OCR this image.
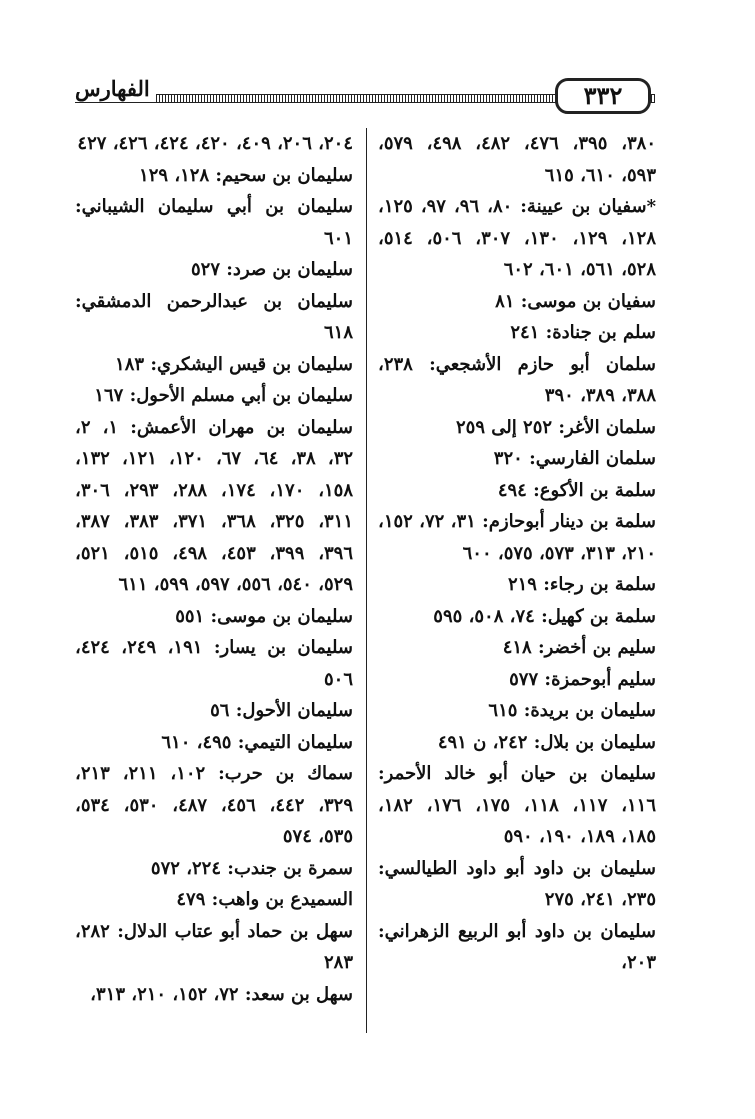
الفهارس	٣٣٢

٣٨٠، ٣٩٥، ٤٧٦، ٤٨٢، ٤٩٨، ٥٧٩، ٥٩٣، ٦١٠، ٦١٥

*سفيان بن عيينة: ٨٠، ٩٦، ٩٧، ١٢٥، ١٢٨، ١٢٩، ١٣٠، ٣٠٧، ٥٠٦، ٥١٤، ٥٢٨، ٥٦١، ٦٠١، ٦٠٢

سفيان بن موسى: ٨١

سلم بن جنادة: ٢٤١

سلمان أبو حازم الأشجعي: ٢٣٨، ٣٨٨، ٣٨٩، ٣٩٠

سلمان الأغر: ٢٥٢ إلى ٢٥٩

سلمان الفارسي: ٣٢٠

سلمة بن الأكوع: ٤٩٤

سلمة بن دينار أبوحازم: ٣١، ٧٢، ١٥٢، ٢١٠، ٣١٣، ٥٧٣، ٥٧٥، ٦٠٠

سلمة بن رجاء: ٢١٩

سلمة بن كهيل: ٧٤، ٥٠٨، ٥٩٥

سليم بن أخضر: ٤١٨

سليم أبوحمزة: ٥٧٧

سليمان بن بريدة: ٦١٥

سليمان بن بلال: ٢٤٢، ن ٤٩١

سليمان بن حيان أبو خالد الأحمر: ١١٦، ١١٧، ١١٨، ١٧٥، ١٧٦، ١٨٢، ١٨٥، ١٨٩، ١٩٠، ٥٩٠

سليمان بن داود أبو داود الطيالسي: ٢٣٥، ٢٤١، ٢٧٥

سليمان بن داود أبو الربيع الزهراني: ٢٠٣،

٢٠٤، ٢٠٦، ٤٠٩، ٤٢٠، ٤٢٤، ٤٢٦، ٤٢٧

سليمان بن سحيم: ١٢٨، ١٢٩

سليمان بن أبي سليمان الشيباني: ٦٠١

سليمان بن صرد: ٥٢٧

سليمان بن عبدالرحمن الدمشقي: ٦١٨

سليمان بن قيس اليشكري: ١٨٣

سليمان بن أبي مسلم الأحول: ١٦٧

سليمان بن مهران الأعمش: ١، ٢، ٣٢، ٣٨، ٦٤، ٦٧، ١٢٠، ١٢١، ١٣٢، ١٥٨، ١٧٠، ١٧٤، ٢٨٨، ٢٩٣، ٣٠٦، ٣١١، ٣٢٥، ٣٦٨، ٣٧١، ٣٨٣، ٣٨٧، ٣٩٦، ٣٩٩، ٤٥٣، ٤٩٨، ٥١٥، ٥٢١، ٥٢٩، ٥٤٠، ٥٥٦، ٥٩٧، ٥٩٩، ٦١١

سليمان بن موسى: ٥٥١

سليمان بن يسار: ١٩١، ٢٤٩، ٤٢٤، ٥٠٦

سليمان الأحول: ٥٦

سليمان التيمي: ٤٩٥، ٦١٠

سماك بن حرب: ١٠٢، ٢١١، ٢١٣، ٣٢٩، ٤٤٢، ٤٥٦، ٤٨٧، ٥٣٠، ٥٣٤، ٥٣٥، ٥٧٤

سمرة بن جندب: ٢٢٤، ٥٧٢

السميدع بن واهب: ٤٧٩

سهل بن حماد أبو عتاب الدلال: ٢٨٢، ٢٨٣

سهل بن سعد: ٧٢، ١٥٢، ٢١٠، ٣١٣،
